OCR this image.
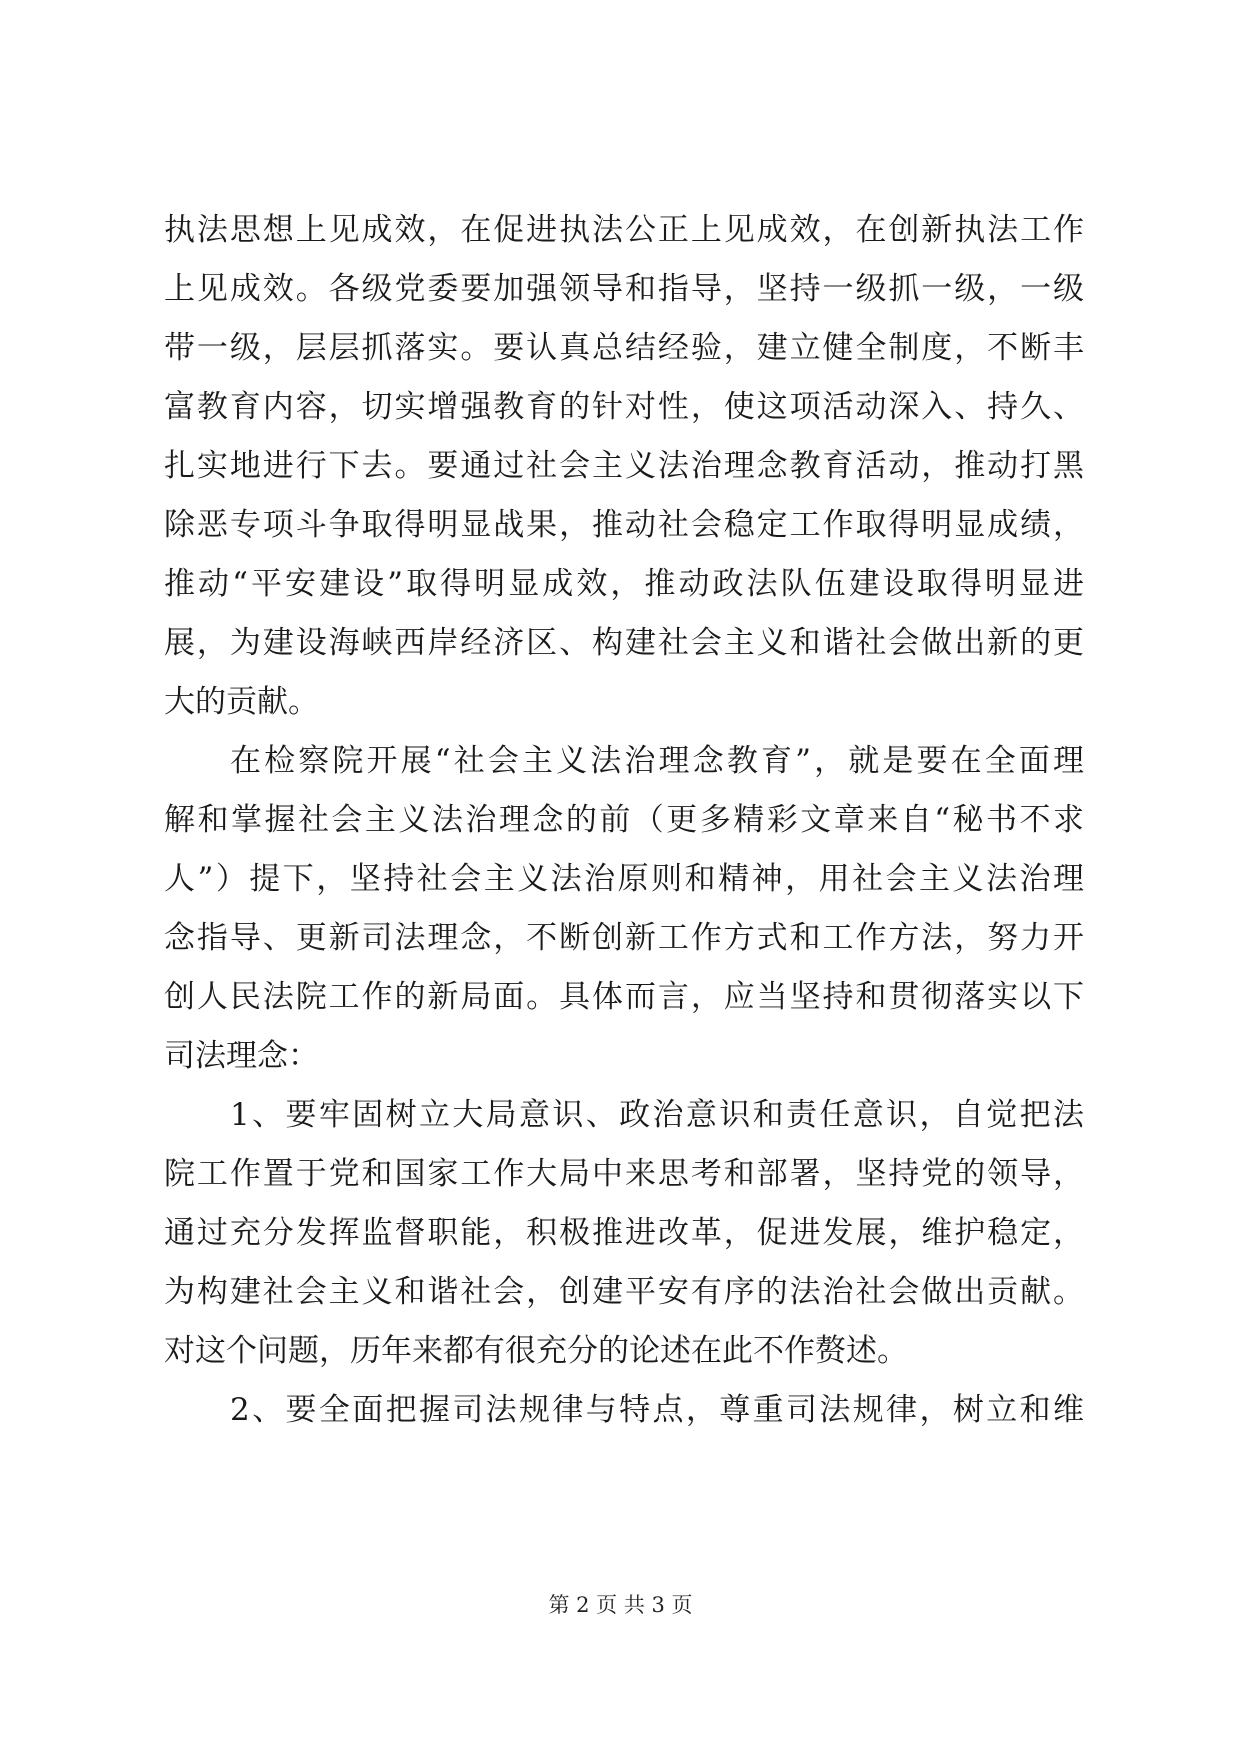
执法思想上见成效，在促进执法公正上见成效，在创新执法工作
上见成效。各级党委要加强领导和指导，坚持一级抓一级，一级
带一级，层层抓落实。要认真总结经验，建立健全制度，不断丰
富教育内容，切实增强教育的针对性，使这项活动深入、持久、
扎实地进行下去。要通过社会主义法治理念教育活动，推动打黑
除恶专项斗争取得明显战果，推动社会稳定工作取得明显成绩，
推动“平安建设”取得明显成效，推动政法队伍建设取得明显进
展，为建设海峡西岸经济区、构建社会主义和谐社会做出新的更
大的贡献。
在检察院开展“社会主义法治理念教育”，就是要在全面理
解和掌握社会主义法治理念的前（更多精彩文章来自“秘书不求
人”）提下，坚持社会主义法治原则和精神，用社会主义法治理
念指导、更新司法理念，不断创新工作方式和工作方法，努力开
创人民法院工作的新局面。具体而言，应当坚持和贯彻落实以下
司法理念：
1、要牢固树立大局意识、政治意识和责任意识，自觉把法
院工作置于党和国家工作大局中来思考和部署，坚持党的领导，
通过充分发挥监督职能，积极推进改革，促进发展，维护稳定，
为构建社会主义和谐社会，创建平安有序的法治社会做出贡献。
对这个问题，历年来都有很充分的论述在此不作赘述。
2、要全面把握司法规律与特点，尊重司法规律，树立和维
第 2 页 共 3 页
